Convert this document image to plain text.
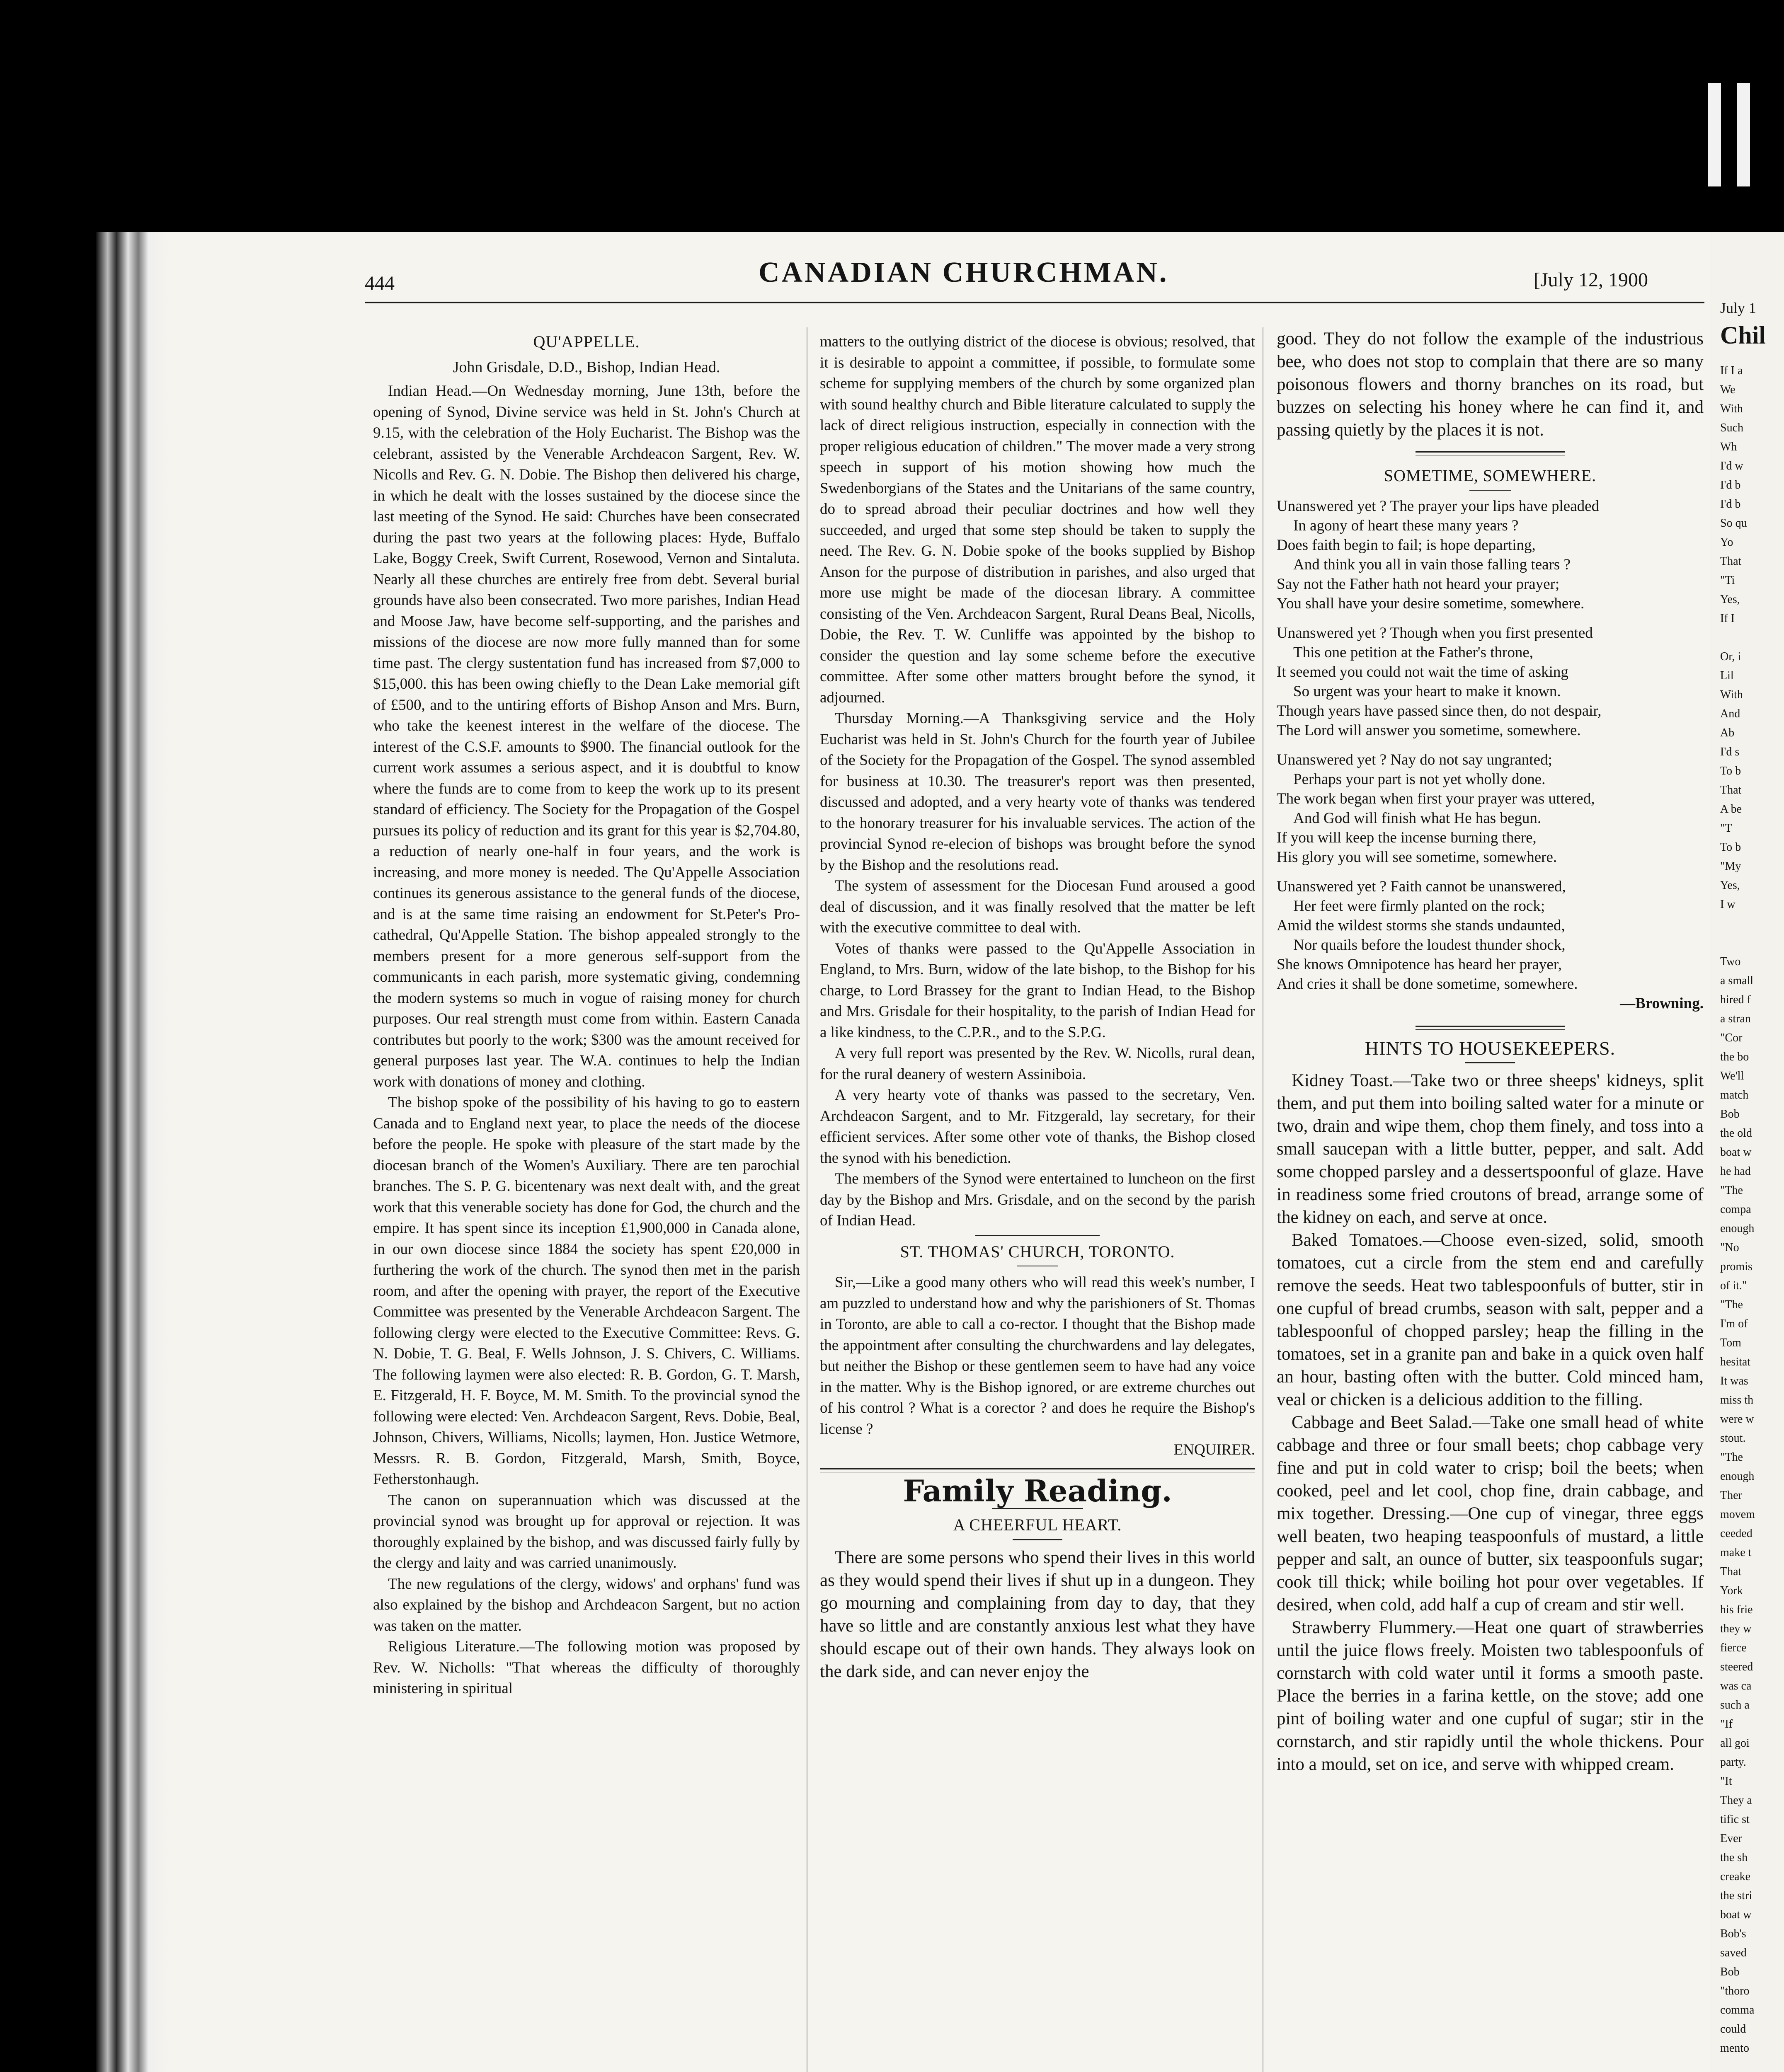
444	CANADIAN CHURCHMAN.	[July 12, 1900
QU'APPELLE.
John Grisdale, D.D., Bishop, Indian Head.

Indian Head.—On Wednesday morning, June 13th, before the opening of Synod, Divine service was held in St. John's Church at 9.15, with the celebration of the Holy Eucharist. The Bishop was the celebrant, assisted by the Venerable Archdeacon Sargent, Rev. W. Nicolls and Rev. G. N. Dobie. The Bishop then delivered his charge, in which he dealt with the losses sustained by the diocese since the last meeting of the Synod. He said: Churches have been consecrated during the past two years at the following places: Hyde, Buffalo Lake, Boggy Creek, Swift Current, Rosewood, Vernon and Sintaluta. Nearly all these churches are entirely free from debt. Several burial grounds have also been consecrated. Two more parishes, Indian Head and Moose Jaw, have become self-supporting, and the parishes and missions of the diocese are now more fully manned than for some time past. The clergy sustentation fund has increased from $7,000 to $15,000. this has been owing chiefly to the Dean Lake memorial gift of £500, and to the untiring efforts of Bishop Anson and Mrs. Burn, who take the keenest interest in the welfare of the diocese. The interest of the C.S.F. amounts to $900. The financial outlook for the current work assumes a serious aspect, and it is doubtful to know where the funds are to come from to keep the work up to its present standard of efficiency. The Society for the Propagation of the Gospel pursues its policy of reduction and its grant for this year is $2,704.80, a reduction of nearly one-half in four years, and the work is increasing, and more money is needed. The Qu'Appelle Association continues its generous assistance to the general funds of the diocese, and is at the same time raising an endowment for St.Peter's Pro-cathedral, Qu'Appelle Station. The bishop appealed strongly to the members present for a more generous self-support from the communicants in each parish, more systematic giving, condemning the modern systems so much in vogue of raising money for church purposes. Our real strength must come from within. Eastern Canada contributes but poorly to the work; $300 was the amount received for general purposes last year. The W.A. continues to help the Indian work with donations of money and clothing.

The bishop spoke of the possibility of his having to go to eastern Canada and to England next year, to place the needs of the diocese before the people. He spoke with pleasure of the start made by the diocesan branch of the Women's Auxiliary. There are ten parochial branches. The S. P. G. bicentenary was next dealt with, and the great work that this venerable society has done for God, the church and the empire. It has spent since its inception £1,900,000 in Canada alone, in our own diocese since 1884 the society has spent £20,000 in furthering the work of the church. The synod then met in the parish room, and after the opening with prayer, the report of the Executive Committee was presented by the Venerable Archdeacon Sargent. The following clergy were elected to the Executive Committee: Revs. G. N. Dobie, T. G. Beal, F. Wells Johnson, J. S. Chivers, C. Williams. The following laymen were also elected: R. B. Gordon, G. T. Marsh, E. Fitzgerald, H. F. Boyce, M. M. Smith. To the provincial synod the following were elected: Ven. Archdeacon Sargent, Revs. Dobie, Beal, Johnson, Chivers, Williams, Nicolls; laymen, Hon. Justice Wetmore, Messrs. R. B. Gordon, Fitzgerald, Marsh, Smith, Boyce, Fetherstonhaugh.

The canon on superannuation which was discussed at the provincial synod was brought up for approval or rejection. It was thoroughly explained by the bishop, and was discussed fairly fully by the clergy and laity and was carried unanimously.

The new regulations of the clergy, widows' and orphans' fund was also explained by the bishop and Archdeacon Sargent, but no action was taken on the matter.

Religious Literature.—The following motion was proposed by Rev. W. Nicholls: "That whereas the difficulty of thoroughly ministering in spiritual

matters to the outlying district of the diocese is obvious; resolved, that it is desirable to appoint a committee, if possible, to formulate some scheme for supplying members of the church by some organized plan with sound healthy church and Bible literature calculated to supply the lack of direct religious instruction, especially in connection with the proper religious education of children." The mover made a very strong speech in support of his motion showing how much the Swedenborgians of the States and the Unitarians of the same country, do to spread abroad their peculiar doctrines and how well they succeeded, and urged that some step should be taken to supply the need. The Rev. G. N. Dobie spoke of the books supplied by Bishop Anson for the purpose of distribution in parishes, and also urged that more use might be made of the diocesan library. A committee consisting of the Ven. Archdeacon Sargent, Rural Deans Beal, Nicolls, Dobie, the Rev. T. W. Cunliffe was appointed by the bishop to consider the question and lay some scheme before the executive committee. After some other matters brought before the synod, it adjourned.

Thursday Morning.—A Thanksgiving service and the Holy Eucharist was held in St. John's Church for the fourth year of Jubilee of the Society for the Propagation of the Gospel. The synod assembled for business at 10.30. The treasurer's report was then presented, discussed and adopted, and a very hearty vote of thanks was tendered to the honorary treasurer for his invaluable services. The action of the provincial Synod re-elecion of bishops was brought before the synod by the Bishop and the resolutions read.

The system of assessment for the Diocesan Fund aroused a good deal of discussion, and it was finally resolved that the matter be left with the executive committee to deal with.

Votes of thanks were passed to the Qu'Appelle Association in England, to Mrs. Burn, widow of the late bishop, to the Bishop for his charge, to Lord Brassey for the grant to Indian Head, to the Bishop and Mrs. Grisdale for their hospitality, to the parish of Indian Head for a like kindness, to the C.P.R., and to the S.P.G.

A very full report was presented by the Rev. W. Nicolls, rural dean, for the rural deanery of western Assiniboia.

A very hearty vote of thanks was passed to the secretary, Ven. Archdeacon Sargent, and to Mr. Fitzgerald, lay secretary, for their efficient services. After some other vote of thanks, the Bishop closed the synod with his benediction.

The members of the Synod were entertained to luncheon on the first day by the Bishop and Mrs. Grisdale, and on the second by the parish of Indian Head.

ST. THOMAS' CHURCH, TORONTO.

Sir,—Like a good many others who will read this week's number, I am puzzled to understand how and why the parishioners of St. Thomas in Toronto, are able to call a co-rector. I thought that the Bishop made the appointment after consulting the churchwardens and lay delegates, but neither the Bishop or these gentlemen seem to have had any voice in the matter. Why is the Bishop ignored, or are extreme churches out of his control ? What is a corector ? and does he require the Bishop's license ?

ENQUIRER.
Family Reading.
A CHEERFUL HEART.

There are some persons who spend their lives in this world as they would spend their lives if shut up in a dungeon. They go mourning and complaining from day to day, that they have so little and are constantly anxious lest what they have should escape out of their own hands. They always look on the dark side, and can never enjoy the

good. They do not follow the example of the industrious bee, who does not stop to complain that there are so many poisonous flowers and thorny branches on its road, but buzzes on selecting his honey where he can find it, and passing quietly by the places it is not.

SOMETIME, SOMEWHERE.
Unanswered yet ? The prayer your lips have pleaded
In agony of heart these many years ?
Does faith begin to fail; is hope departing,
And think you all in vain those falling tears ?
Say not the Father hath not heard your prayer;
You shall have your desire sometime, somewhere.
Unanswered yet ? Though when you first presented
This one petition at the Father's throne,
It seemed you could not wait the time of asking
So urgent was your heart to make it known.
Though years have passed since then, do not despair,
The Lord will answer you sometime, somewhere.
Unanswered yet ? Nay do not say ungranted;
Perhaps your part is not yet wholly done.
The work began when first your prayer was uttered,
And God will finish what He has begun.
If you will keep the incense burning there,
His glory you will see sometime, somewhere.
Unanswered yet ? Faith cannot be unanswered,
Her feet were firmly planted on the rock;
Amid the wildest storms she stands undaunted,
Nor quails before the loudest thunder shock,
She knows Omnipotence has heard her prayer,
And cries it shall be done sometime, somewhere.
—Browning.
HINTS TO HOUSEKEEPERS.

Kidney Toast.—Take two or three sheeps' kidneys, split them, and put them into boiling salted water for a minute or two, drain and wipe them, chop them finely, and toss into a small saucepan with a little butter, pepper, and salt. Add some chopped parsley and a dessertspoonful of glaze. Have in readiness some fried croutons of bread, arrange some of the kidney on each, and serve at once.

Baked Tomatoes.—Choose even-sized, solid, smooth tomatoes, cut a circle from the stem end and carefully remove the seeds. Heat two tablespoonfuls of butter, stir in one cupful of bread crumbs, season with salt, pepper and a tablespoonful of chopped parsley; heap the filling in the tomatoes, set in a granite pan and bake in a quick oven half an hour, basting often with the butter. Cold minced ham, veal or chicken is a delicious addition to the filling.

Cabbage and Beet Salad.—Take one small head of white cabbage and three or four small beets; chop cabbage very fine and put in cold water to crisp; boil the beets; when cooked, peel and let cool, chop fine, drain cabbage, and mix together. Dressing.—One cup of vinegar, three eggs well beaten, two heaping teaspoonfuls of mustard, a little pepper and salt, an ounce of butter, six teaspoonfuls sugar; cook till thick; while boiling hot pour over vegetables. If desired, when cold, add half a cup of cream and stir well.

Strawberry Flummery.—Heat one quart of strawberries until the juice flows freely. Moisten two tablespoonfuls of cornstarch with cold water until it forms a smooth paste. Place the berries in a farina kettle, on the stove; add one pint of boiling water and one cupful of sugar; stir in the cornstarch, and stir rapidly until the whole thickens. Pour into a mould, set on ice, and serve with whipped cream.

July 1
Chil
If I a
We
With
Such
Wh
I'd w
I'd b
I'd b
So qu
Yo
That
"Ti
Yes,
If I

Or, i
Lil
With
And
Ab
I'd s
To b
That
A be
"T
To b
"My
Yes,
I w

Two
a small
hired f
a stran
"Cor
the bo
We'll
match
Bob
the old
boat w
he had
"The
compa
enough
"No
promis
of it."
"The
I'm of
Tom
hesitat
It was
miss th
were w
stout.
"The
enough
Ther
movem
ceeded
make t
That
York
his frie
they w
fierce
steered
was ca
such a
"If
all goi
party.
"It
They a
tific st
Ever
the sh
creake
the stri
boat w
Bob's
saved
Bob
"thoro
comma
could
mento
